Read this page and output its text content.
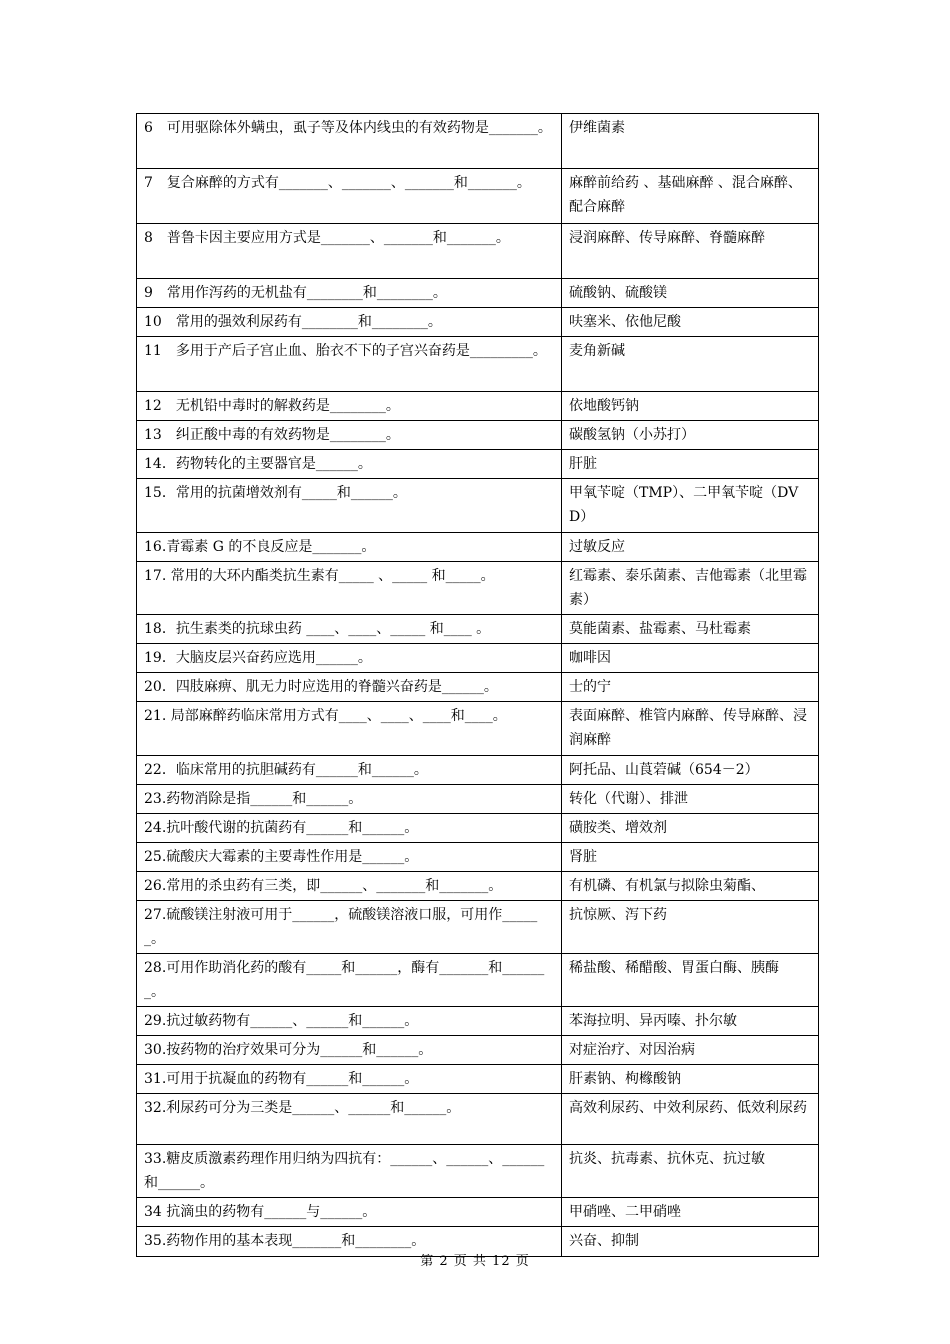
6　可用驱除体外螨虫，虱子等及体内线虫的有效药物是_______。	伊维菌素
7　复合麻醉的方式有_______、_______、_______和_______。	麻醉前给药 、基础麻醉 、混合麻醉、配合麻醉
8　普鲁卡因主要应用方式是_______、_______和_______。	浸润麻醉、传导麻醉、脊髓麻醉
9　常用作泻药的无机盐有________和________。	硫酸钠、硫酸镁
10　常用的强效利尿药有________和________。	呋塞米、依他尼酸
11　多用于产后子宫止血、胎衣不下的子宫兴奋药是_________。	麦角新碱
12　无机铅中毒时的解救药是________。	依地酸钙钠
13　纠正酸中毒的有效药物是________。	碳酸氢钠（小苏打）
14．药物转化的主要器官是______。	肝脏
15．常用的抗菌增效剂有_____和______。	甲氧苄啶（TMP）、二甲氧苄啶（DVD）
16.青霉素 G 的不良反应是_______。	过敏反应
17. 常用的大环内酯类抗生素有_____ 、_____ 和_____。	红霉素、泰乐菌素、吉他霉素（北里霉素）
18．抗生素类的抗球虫药 ____、____、_____ 和____ 。	莫能菌素、盐霉素、马杜霉素
19．大脑皮层兴奋药应选用______。	咖啡因
20．四肢麻痹、肌无力时应选用的脊髓兴奋药是______。	士的宁
21. 局部麻醉药临床常用方式有____、____、____和____。	表面麻醉、椎管内麻醉、传导麻醉、浸润麻醉
22．临床常用的抗胆碱药有______和______。	阿托品、山莨菪碱（654－2）
23.药物消除是指______和______。	转化（代谢）、排泄
24.抗叶酸代谢的抗菌药有______和______。	磺胺类、增效剂
25.硫酸庆大霉素的主要毒性作用是______。	肾脏
26.常用的杀虫药有三类，即______、_______和_______。	有机磷、有机氯与拟除虫菊酯、
27.硫酸镁注射液可用于______，硫酸镁溶液口服，可用作______。	抗惊厥、泻下药
28.可用作助消化药的酸有_____和______，酶有_______和_______。	稀盐酸、稀醋酸、胃蛋白酶、胰酶
29.抗过敏药物有______、______和______。	苯海拉明、异丙嗪、扑尔敏
30.按药物的治疗效果可分为______和______。	对症治疗、对因治病
31.可用于抗凝血的药物有______和______。	肝素钠、枸橼酸钠
32.利尿药可分为三类是______、______和______。	高效利尿药、中效利尿药、低效利尿药
33.糖皮质激素药理作用归纳为四抗有：______、______、______和______。	抗炎、抗毒素、抗休克、抗过敏
34 抗滴虫的药物有______与______。	甲硝唑、二甲硝唑
35.药物作用的基本表现_______和________。	兴奋、抑制
第 2 页 共 12 页
